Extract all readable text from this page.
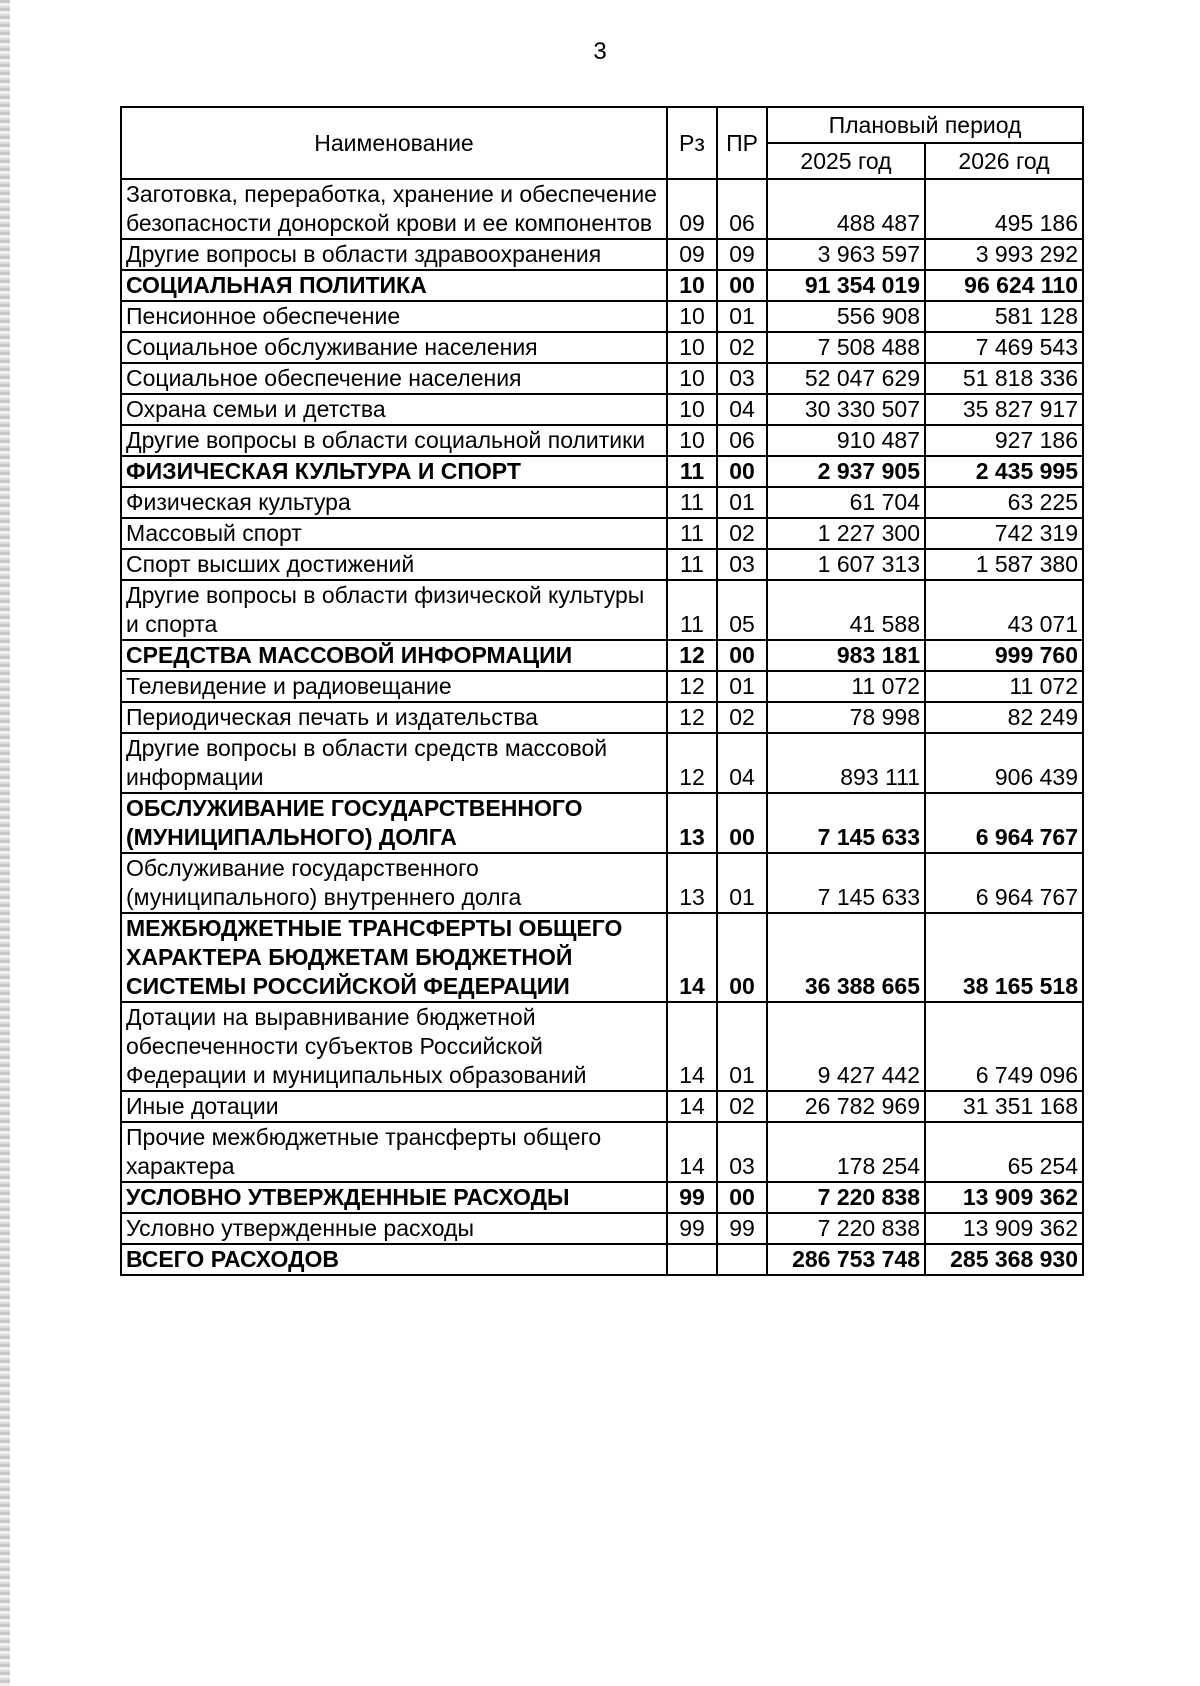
3
Наименование	Рз	ПР	Плановый период	
			2025 год	2026 год
Заготовка, переработка, хранение и обеспечение безопасности донорской крови и ее компонентов	09	06	488 487	495 186
Другие вопросы в области здравоохранения	09	09	3 963 597	3 993 292
СОЦИАЛЬНАЯ ПОЛИТИКА	10	00	91 354 019	96 624 110
Пенсионное обеспечение	10	01	556 908	581 128
Социальное обслуживание населения	10	02	7 508 488	7 469 543
Социальное обеспечение населения	10	03	52 047 629	51 818 336
Охрана семьи и детства	10	04	30 330 507	35 827 917
Другие вопросы в области социальной политики	10	06	910 487	927 186
ФИЗИЧЕСКАЯ КУЛЬТУРА И СПОРТ	11	00	2 937 905	2 435 995
Физическая культура	11	01	61 704	63 225
Массовый спорт	11	02	1 227 300	742 319
Спорт высших достижений	11	03	1 607 313	1 587 380
Другие вопросы в области физической культуры и спорта	11	05	41 588	43 071
СРЕДСТВА МАССОВОЙ ИНФОРМАЦИИ	12	00	983 181	999 760
Телевидение и радиовещание	12	01	11 072	11 072
Периодическая печать и издательства	12	02	78 998	82 249
Другие вопросы в области средств массовой информации	12	04	893 111	906 439
ОБСЛУЖИВАНИЕ ГОСУДАРСТВЕННОГО (МУНИЦИПАЛЬНОГО) ДОЛГА	13	00	7 145 633	6 964 767
Обслуживание государственного (муниципального) внутреннего долга	13	01	7 145 633	6 964 767
МЕЖБЮДЖЕТНЫЕ ТРАНСФЕРТЫ ОБЩЕГО ХАРАКТЕРА БЮДЖЕТАМ БЮДЖЕТНОЙ СИСТЕМЫ РОССИЙСКОЙ ФЕДЕРАЦИИ	14	00	36 388 665	38 165 518
Дотации на выравнивание бюджетной обеспеченности субъектов Российской Федерации и муниципальных образований	14	01	9 427 442	6 749 096
Иные дотации	14	02	26 782 969	31 351 168
Прочие межбюджетные трансферты общего характера	14	03	178 254	65 254
УСЛОВНО УТВЕРЖДЕННЫЕ РАСХОДЫ	99	00	7 220 838	13 909 362
Условно утвержденные расходы	99	99	7 220 838	13 909 362
ВСЕГО РАСХОДОВ			286 753 748	285 368 930
